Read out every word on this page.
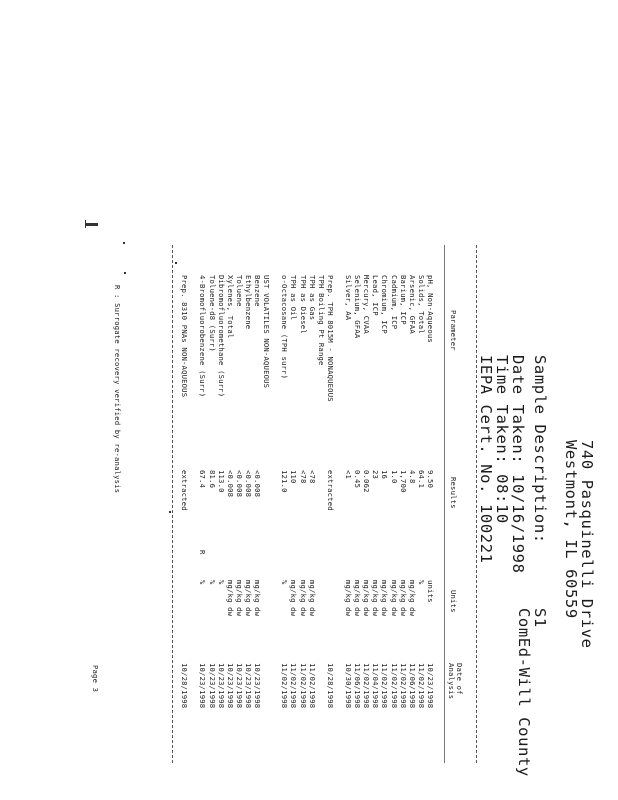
740 Pasquinelli Drive
Westmont, IL 60559
Sample Description:
S1
ComEd-Will County
Date Taken: 10/16/1998
Time Taken: 08:10
IEPA Cert. No. 100221
Parameter
Results
Units
Date of
Analysis
pH, Non-Aqueous
9.50
units
10/23/1998
Solids, Total
64.1
%
11/02/1998
Arsenic, GFAA
4.8
mg/kg dw
11/06/1998
Barium, ICP
1,700
mg/kg dw
11/02/1998
Cadmium, ICP
1.0
mg/kg dw
11/02/1998
Chromium, ICP
16
mg/kg dw
11/02/1998
Lead, ICP
23
mg/kg dw
11/04/1998
Mercury, CVAA
0.062
mg/kg dw
11/02/1998
Selenium, GFAA
0.45
mg/kg dw
11/06/1998
Silver, AA
<1
mg/kg dw
10/30/1998
Prep. TPH 8015M - NONAQUEOUS
extracted
10/28/1998
TPH Boiling Pt Range
TPH as Gas
<78
mg/kg dw
11/02/1998
TPH as Diesel
<78
mg/kg dw
11/02/1998
TPH as Oil
110
mg/kg dw
11/02/1998
o-Octacosane (TPH surr)
121.0
%
11/02/1998
UST VOLATILES NON-AQUEOUS
Benzene
<0.008
mg/kg dw
10/23/1998
Ethylbenzene
<0.008
mg/kg dw
10/23/1998
Toluene
<0.008
mg/kg dw
10/23/1998
Xylenes, Total
<0.008
mg/kg dw
10/23/1998
Dibromofluoromethane (Surr)
113.0
%
10/23/1998
Toluene-d8 (Surr)
81.6
%
10/23/1998
4-Bromofluorobenzene (Surr)
67.4
R
%
10/23/1998
Prep. 8310 PNAs NON-AQUEOUS
extracted
10/28/1998
R : Surrogate recovery verified by re-analysis
Page 3
